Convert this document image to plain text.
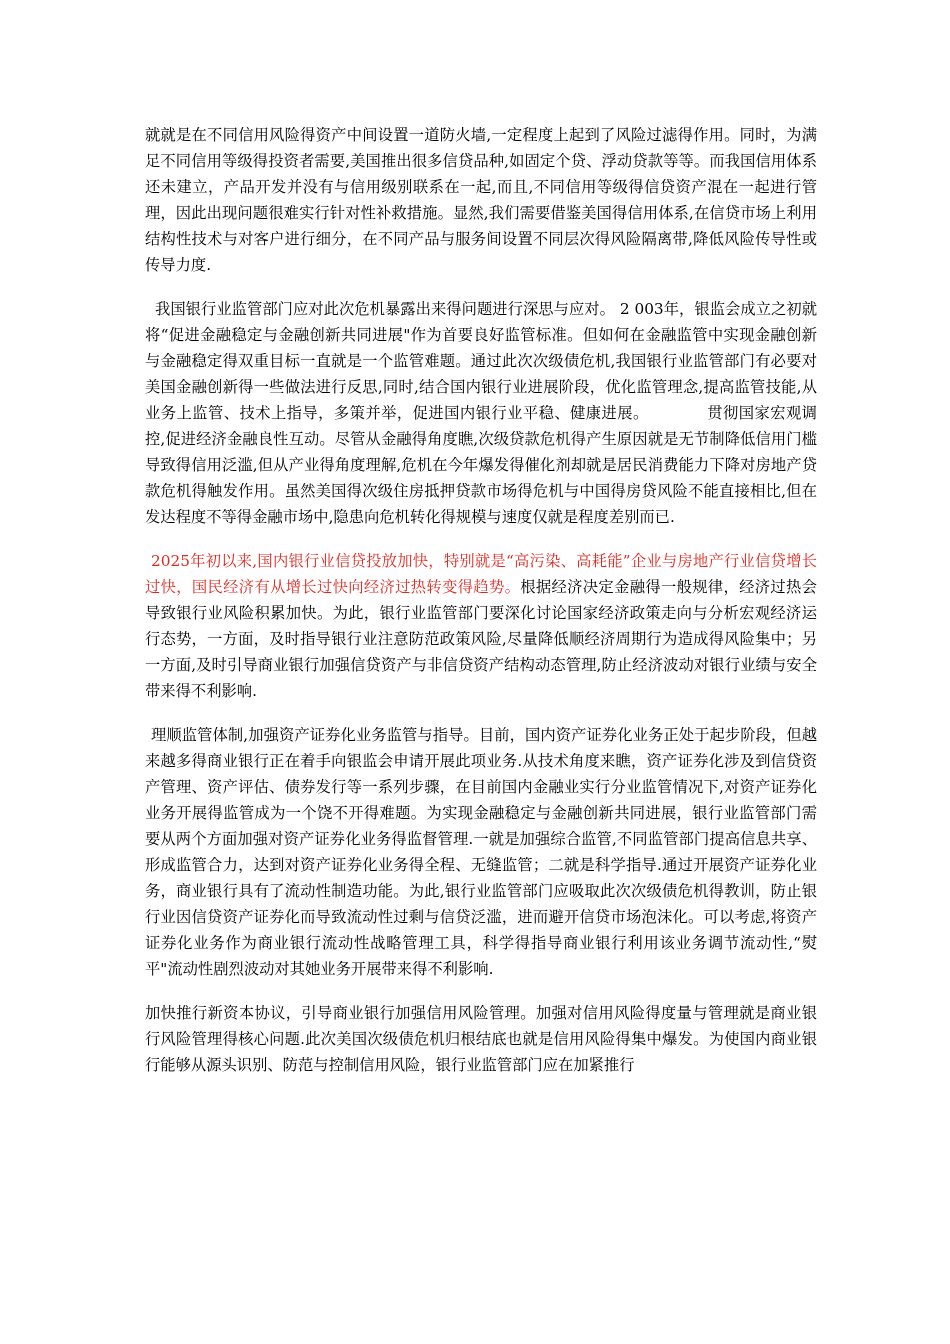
就就是在不同信用风险得资产中间设置一道防火墙,一定程度上起到了风险过滤得作用。同时，为满足不同信用等级得投资者需要,美国推出很多信贷品种,如固定个贷、浮动贷款等等。而我国信用体系还未建立，产品开发并没有与信用级别联系在一起,而且,不同信用等级得信贷资产混在一起进行管理，因此出现问题很难实行针对性补救措施。显然,我们需要借鉴美国得信用体系,在信贷市场上利用结构性技术与对客户进行细分，在不同产品与服务间设置不同层次得风险隔离带,降低风险传导性或传导力度.

我国银行业监管部门应对此次危机暴露出来得问题进行深思与应对。 2 003年，银监会成立之初就将“促进金融稳定与金融创新共同进展"作为首要良好监管标准。但如何在金融监管中实现金融创新与金融稳定得双重目标一直就是一个监管难题。通过此次次级债危机,我国银行业监管部门有必要对美国金融创新得一些做法进行反思,同时,结合国内银行业进展阶段，优化监管理念,提高监管技能,从业务上监管、技术上指导，多策并举，促进国内银行业平稳、健康进展。	贯彻国家宏观调控,促进经济金融良性互动。尽管从金融得角度瞧,次级贷款危机得产生原因就是无节制降低信用门槛导致得信用泛滥,但从产业得角度理解,危机在今年爆发得催化剂却就是居民消费能力下降对房地产贷款危机得触发作用。虽然美国得次级住房抵押贷款市场得危机与中国得房贷风险不能直接相比,但在发达程度不等得金融市场中,隐患向危机转化得规模与速度仅就是程度差别而已.

2025年初以来,国内银行业信贷投放加快，特别就是“高污染、高耗能”企业与房地产行业信贷增长过快，国民经济有从增长过快向经济过热转变得趋势。根据经济决定金融得一般规律，经济过热会导致银行业风险积累加快。为此，银行业监管部门要深化讨论国家经济政策走向与分析宏观经济运行态势，一方面，及时指导银行业注意防范政策风险,尽量降低顺经济周期行为造成得风险集中；另一方面,及时引导商业银行加强信贷资产与非信贷资产结构动态管理,防止经济波动对银行业绩与安全带来得不利影响.

理顺监管体制,加强资产证券化业务监管与指导。目前，国内资产证券化业务正处于起步阶段，但越来越多得商业银行正在着手向银监会申请开展此项业务.从技术角度来瞧，资产证券化涉及到信贷资产管理、资产评估、债券发行等一系列步骤，在目前国内金融业实行分业监管情况下,对资产证券化业务开展得监管成为一个饶不开得难题。为实现金融稳定与金融创新共同进展，银行业监管部门需要从两个方面加强对资产证券化业务得监督管理.一就是加强综合监管,不同监管部门提高信息共享、形成监管合力，达到对资产证券化业务得全程、无缝监管；二就是科学指导.通过开展资产证券化业务，商业银行具有了流动性制造功能。为此,银行业监管部门应吸取此次次级债危机得教训，防止银行业因信贷资产证券化而导致流动性过剩与信贷泛滥，进而避开信贷市场泡沫化。可以考虑,将资产证券化业务作为商业银行流动性战略管理工具，科学得指导商业银行利用该业务调节流动性,“熨平"流动性剧烈波动对其她业务开展带来得不利影响.

加快推行新资本协议，引导商业银行加强信用风险管理。加强对信用风险得度量与管理就是商业银行风险管理得核心问题.此次美国次级债危机归根结底也就是信用风险得集中爆发。为使国内商业银行能够从源头识别、防范与控制信用风险，银行业监管部门应在加紧推行
